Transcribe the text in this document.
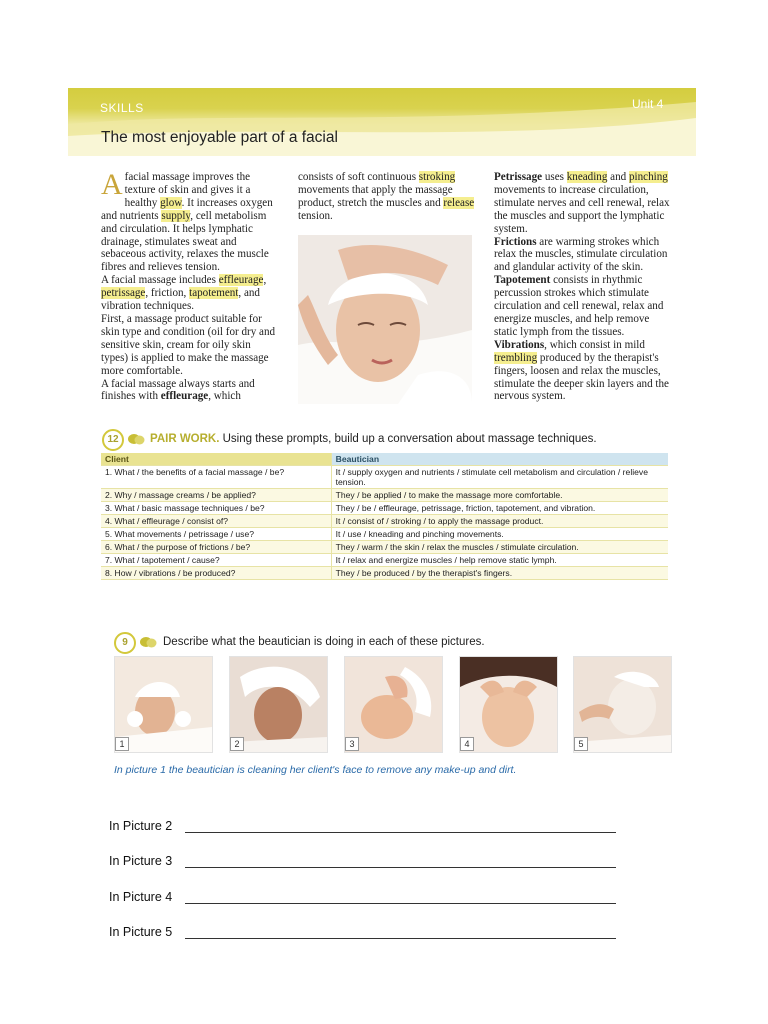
SKILLS	Unit 4
The most enjoyable part of a facial

Afacial massage improves the texture of skin and gives it a healthy glow. It increases oxygen and nutrients supply, cell metabolism and circulation. It helps lymphatic drainage, stimulates sweat and sebaceous activity, relaxes the muscle fibres and relieves tension.

A facial massage includes effleurage, petrissage, friction, tapotement, and vibration techniques.

First, a massage product suitable for skin type and condition (oil for dry and sensitive skin, cream for oily skin types) is applied to make the massage more comfortable.

A facial massage always starts and finishes with effleurage, which

consists of soft continuous stroking movements that apply the massage product, stretch the muscles and release tension.

Petrissage uses kneading and pinching movements to increase circulation, stimulate nerves and cell renewal, relax the muscles and support the lymphatic system.

Frictions are warming strokes which relax the muscles, stimulate circulation and glandular activity of the skin.

Tapotement consists in rhythmic percussion strokes which stimulate circulation and cell renewal, relax and energize muscles, and help remove static lymph from the tissues.

Vibrations, which consist in mild trembling produced by the therapist's fingers, loosen and relax the muscles, stimulate the deeper skin layers and the nervous system.

12	PAIR WORK. Using these prompts, build up a conversation about massage techniques.
Client	Beautician
1. What / the benefits of a facial massage / be?	It / supply oxygen and nutrients / stimulate cell metabolism and circulation / relieve tension.
2. Why / massage creams / be applied?	They / be applied / to make the massage more comfortable.
3. What / basic massage techniques / be?	They / be / effleurage, petrissage, friction, tapotement, and vibration.
4. What / effleurage / consist of?	It / consist of / stroking / to apply the massage product.
5. What movements / petrissage / use?	It / use / kneading and pinching movements.
6. What / the purpose of frictions / be?	They / warm / the skin / relax the muscles / stimulate circulation.
7. What / tapotement / cause?	It / relax and energize muscles / help remove static lymph.
8. How / vibrations / be produced?	They / be produced / by the therapist's fingers.
9	Describe what the beautician is doing in each of these pictures.
1	2	3	4	5
In picture 1 the beautician is cleaning her client's face to remove any make-up and dirt.
In Picture 2
In Picture 3
In Picture 4
In Picture 5
